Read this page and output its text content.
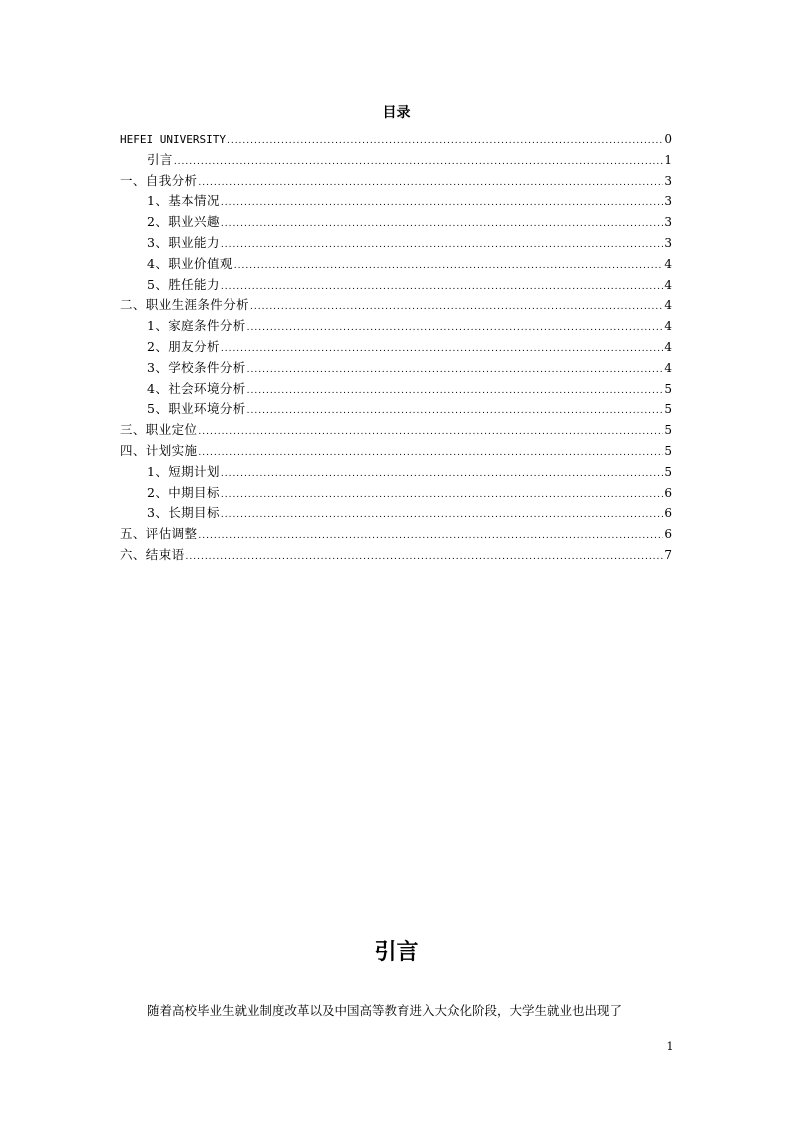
目录
HEFEI UNIVERSITY .....	0
引言 .....	1
一、自我分析 .....	3
1、基本情况 .....	3
2、职业兴趣 .....	3
3、职业能力 .....	3
4、职业价值观 .....	4
5、胜任能力 .....	4
二、职业生涯条件分析 .....	4
1、家庭条件分析 .....	4
2、朋友分析 .....	4
3、学校条件分析 .....	4
4、社会环境分析 .....	5
5、职业环境分析 .....	5
三、职业定位 .....	5
四、计划实施 .....	5
1、短期计划 .....	5
2、中期目标 .....	6
3、长期目标 .....	6
五、评估调整 .....	6
六、结束语 .....	7
引言
随着高校毕业生就业制度改革以及中国高等教育进入大众化阶段，大学生就业也出现了
1
